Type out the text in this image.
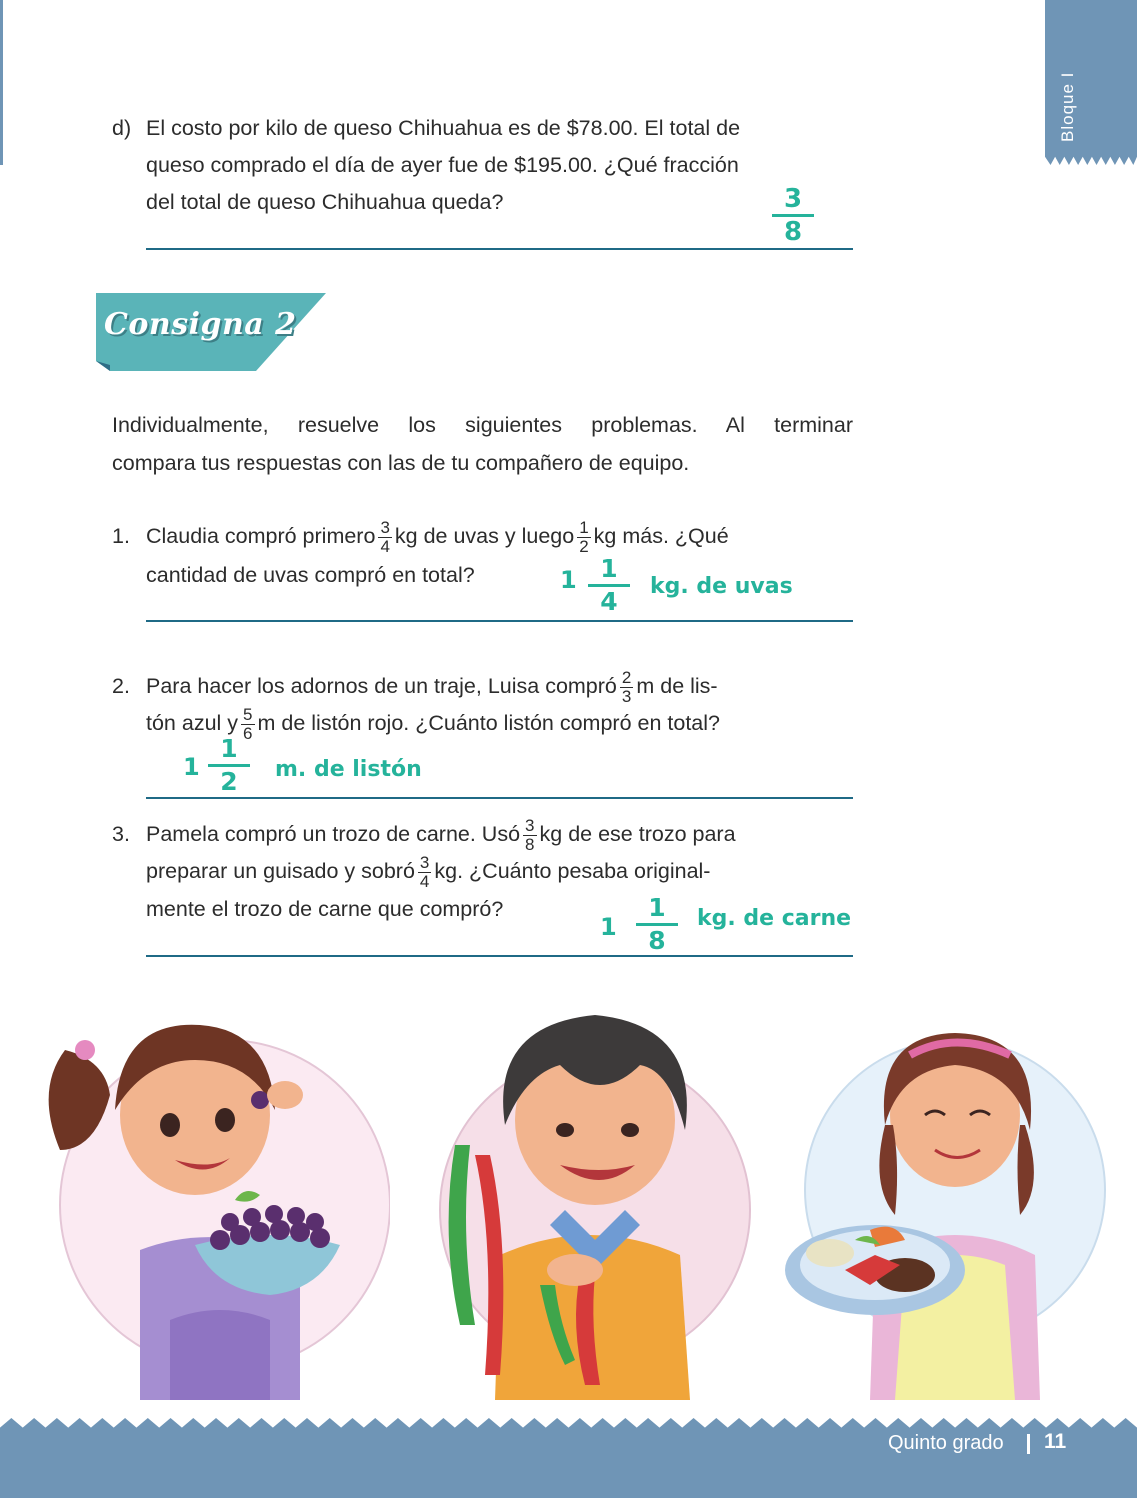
Bloque I
d) El costo por kilo de queso Chihuahua es de $78.00. El total de
queso comprado el día de ayer fue de $195.00. ¿Qué fracción
del total de queso Chihuahua queda?	3
8
Consigna 2
Individualmente, resuelve los siguientes problemas. Al terminar
compara tus respuestas con las de tu compañero de equipo.
1. Claudia compró primero $\frac{3}{4}$ kg de uvas y luego $\frac{1}{2}$ kg más. ¿Qué
cantidad de uvas compró en total?	1 1
4
kg. de uvas
2. Para hacer los adornos de un traje, Luisa compró $\frac{2}{3}$ m de lis-
tón azul y $\frac{5}{6}$ m de listón rojo. ¿Cuánto listón compró en total?
1
1
2	m. de listón
3. Pamela compró un trozo de carne. Usó $\frac{3}{8}$ kg de ese trozo para
preparar un guisado y sobró $\frac{3}{4}$ kg. ¿Cuánto pesaba original-
mente el trozo de carne que compró?
1
1
8
kg. de carne
Quinto grado 11
